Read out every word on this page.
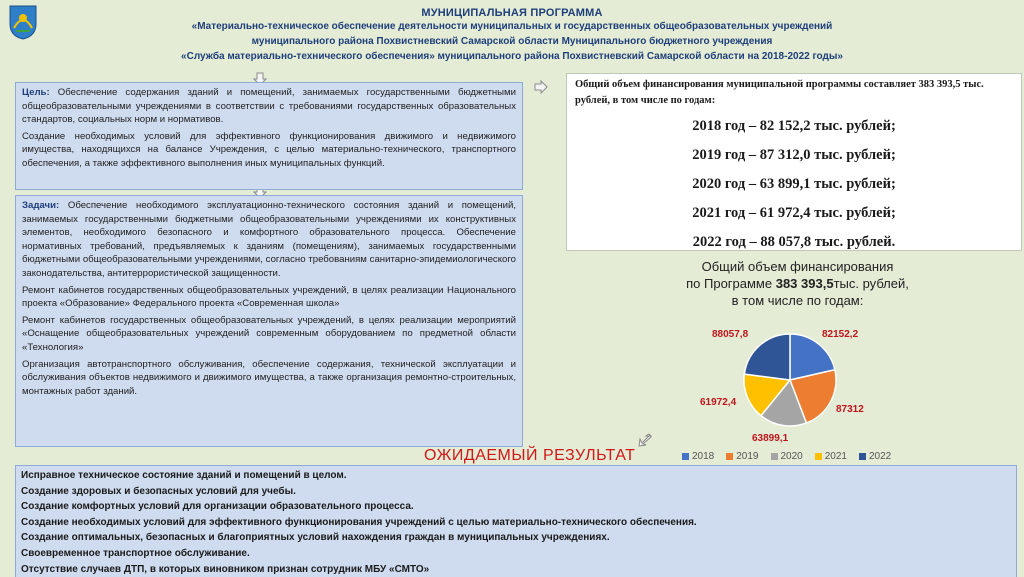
МУНИЦИПАЛЬНАЯ ПРОГРАММА
«Материально-техническое обеспечение деятельности муниципальных и государственных общеобразовательных учреждений
муниципального района Похвистневский Самарской области Муниципального бюджетного учреждения
«Служба материально-технического обеспечения» муниципального района Похвистневский Самарской области на 2018-2022 годы»
Цель: Обеспечение содержания зданий и помещений, занимаемых государственными бюджетными общеобразовательными учреждениями в соответствии с требованиями государственных образовательных стандартов, социальных норм и нормативов.
Создание необходимых условий для эффективного функционирования движимого и недвижимого имущества, находящихся на балансе Учреждения, с целью материально-технического, транспортного обеспечения, а также эффективного выполнения иных муниципальных функций.
Задачи: Обеспечение необходимого эксплуатационно-технического состояния зданий и помещений, занимаемых государственными бюджетными общеобразовательными учреждениями их конструктивных элементов, необходимого безопасного и комфортного образовательного процесса. Обеспечение нормативных требований, предъявляемых к зданиям (помещениям), занимаемых государственными бюджетными общеобразовательными учреждениями, согласно требованиям санитарно-эпидемиологического законодательства, антитеррористической защищенности.
Ремонт кабинетов государственных общеобразовательных учреждений, в целях реализации Национального проекта «Образование» Федерального проекта «Современная школа»
Ремонт кабинетов государственных общеобразовательных учреждений, в целях реализации мероприятий «Оснащение общеобразовательных учреждений современным оборудованием по предметной области «Технология»
Организация автотранспортного обслуживания, обеспечение содержания, технической эксплуатации и обслуживания объектов недвижимого и движимого имущества, а также организация ремонтно-строительных, монтажных работ зданий.
Общий объем финансирования муниципальной программы составляет 383 393,5 тыс. рублей, в том числе по годам:
2018 год – 82 152,2 тыс. рублей;
2019 год – 87 312,0 тыс. рублей;
2020 год – 63 899,1 тыс. рублей;
2021 год – 61 972,4 тыс. рублей;
2022 год – 88 057,8 тыс. рублей.
Общий объем финансирования
по Программе 383 393,5тыс. рублей,
в том числе по годам:
82152,2
87312
63899,1
61972,4
88057,8
2018 2019 2020 2021 2022
ОЖИДАЕМЫЙ РЕЗУЛЬТАТ
Исправное техническое состояние зданий и помещений в целом.
Создание здоровых и безопасных условий для учебы.
Создание комфортных условий для организации образовательного процесса.
Создание необходимых условий для эффективного функционирования учреждений с целью материально-технического обеспечения.
Создание оптимальных, безопасных и благоприятных условий нахождения граждан в муниципальных учреждениях.
Своевременное транспортное обслуживание.
Отсутствие случаев ДТП, в которых виновником признан сотрудник МБУ «СМТО»
